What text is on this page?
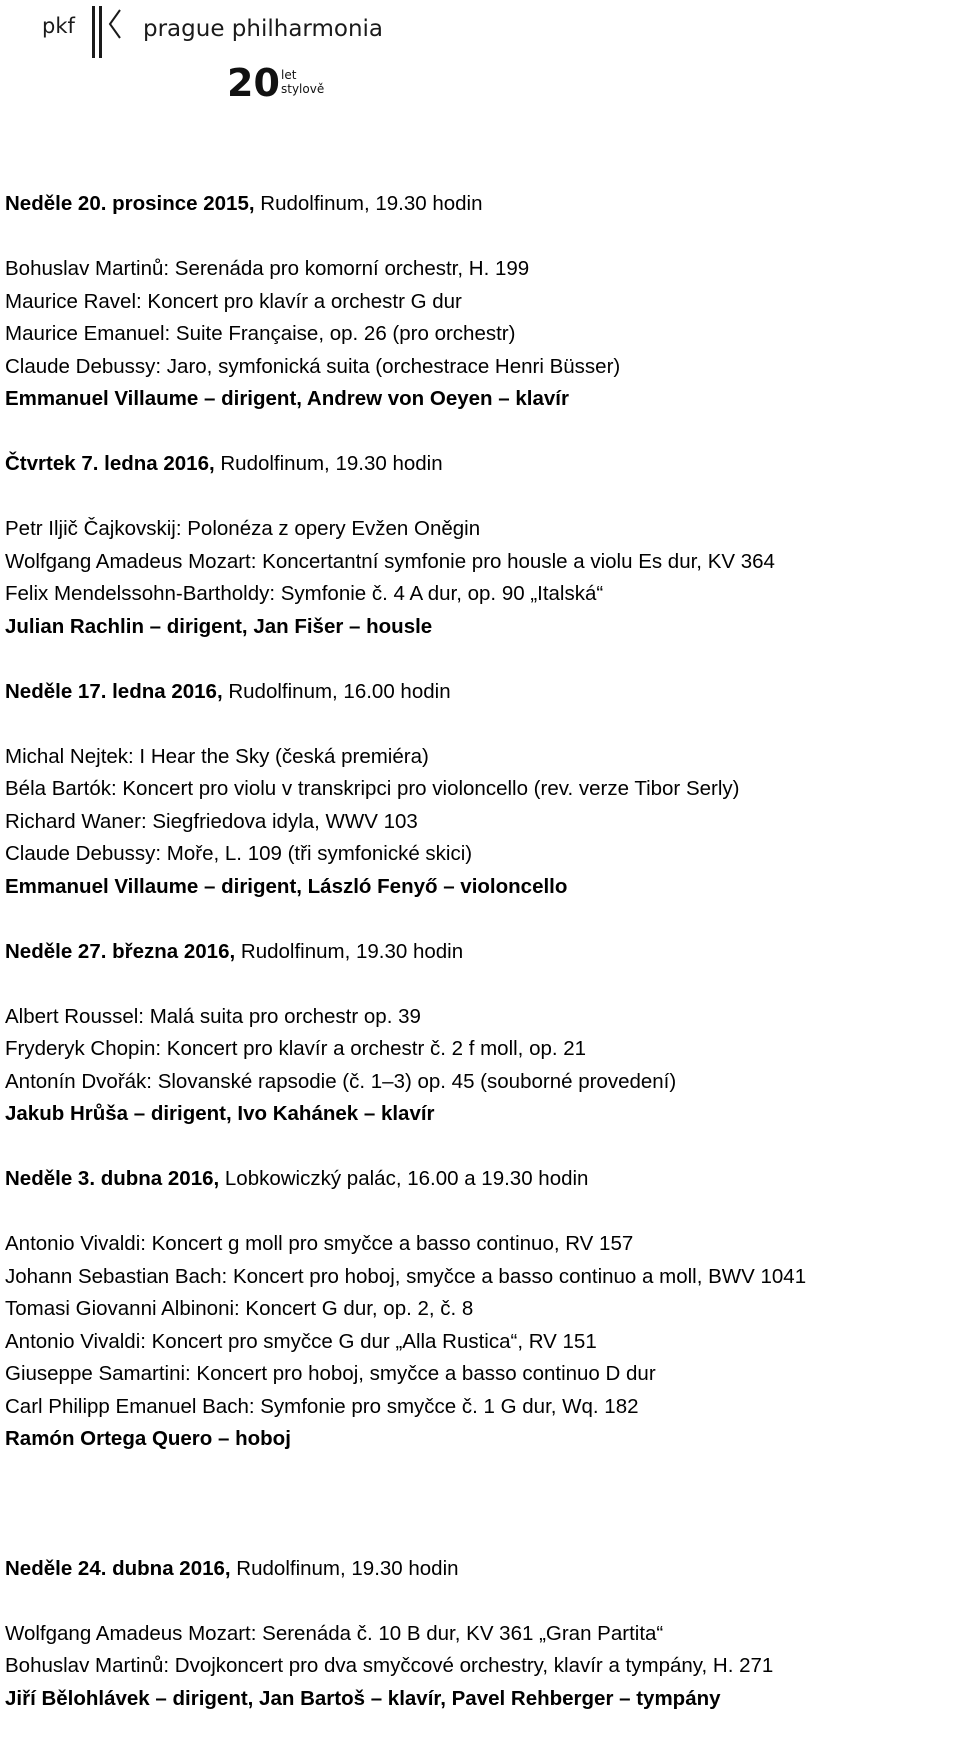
pkf	prague philharmonia
20 let
stylově
Neděle 20. prosince 2015, Rudolfinum, 19.30 hodin
Bohuslav Martinů: Serenáda pro komorní orchestr, H. 199
Maurice Ravel: Koncert pro klavír a orchestr G dur
Maurice Emanuel: Suite Française, op. 26 (pro orchestr)
Claude Debussy: Jaro, symfonická suita (orchestrace Henri Büsser)
Emmanuel Villaume – dirigent, Andrew von Oeyen – klavír
Čtvrtek 7. ledna 2016, Rudolfinum, 19.30 hodin
Petr Iljič Čajkovskij: Polonéza z opery Evžen Oněgin
Wolfgang Amadeus Mozart: Koncertantní symfonie pro housle a violu Es dur, KV 364
Felix Mendelssohn-Bartholdy: Symfonie č. 4 A dur, op. 90 „Italská“
Julian Rachlin – dirigent, Jan Fišer – housle
Neděle 17. ledna 2016, Rudolfinum, 16.00 hodin
Michal Nejtek: I Hear the Sky (česká premiéra)
Béla Bartók: Koncert pro violu v transkripci pro violoncello (rev. verze Tibor Serly)
Richard Waner: Siegfriedova idyla, WWV 103
Claude Debussy: Moře, L. 109 (tři symfonické skici)
Emmanuel Villaume – dirigent, László Fenyő – violoncello
Neděle 27. března 2016, Rudolfinum, 19.30 hodin
Albert Roussel: Malá suita pro orchestr op. 39
Fryderyk Chopin: Koncert pro klavír a orchestr č. 2 f moll, op. 21
Antonín Dvořák: Slovanské rapsodie (č. 1–3) op. 45 (souborné provedení)
Jakub Hrůša – dirigent, Ivo Kahánek – klavír
Neděle 3. dubna 2016, Lobkowiczký palác, 16.00 a 19.30 hodin
Antonio Vivaldi: Koncert g moll pro smyčce a basso continuo, RV 157
Johann Sebastian Bach: Koncert pro hoboj, smyčce a basso continuo a moll, BWV 1041
Tomasi Giovanni Albinoni: Koncert G dur, op. 2, č. 8
Antonio Vivaldi: Koncert pro smyčce G dur „Alla Rustica“, RV 151
Giuseppe Samartini: Koncert pro hoboj, smyčce a basso continuo D dur
Carl Philipp Emanuel Bach: Symfonie pro smyčce č. 1 G dur, Wq. 182
Ramón Ortega Quero – hoboj
Neděle 24. dubna 2016, Rudolfinum, 19.30 hodin
Wolfgang Amadeus Mozart: Serenáda č. 10 B dur, KV 361 „Gran Partita“
Bohuslav Martinů: Dvojkoncert pro dva smyčcové orchestry, klavír a tympány, H. 271
Jiří Bělohlávek – dirigent, Jan Bartoš – klavír, Pavel Rehberger – tympány
